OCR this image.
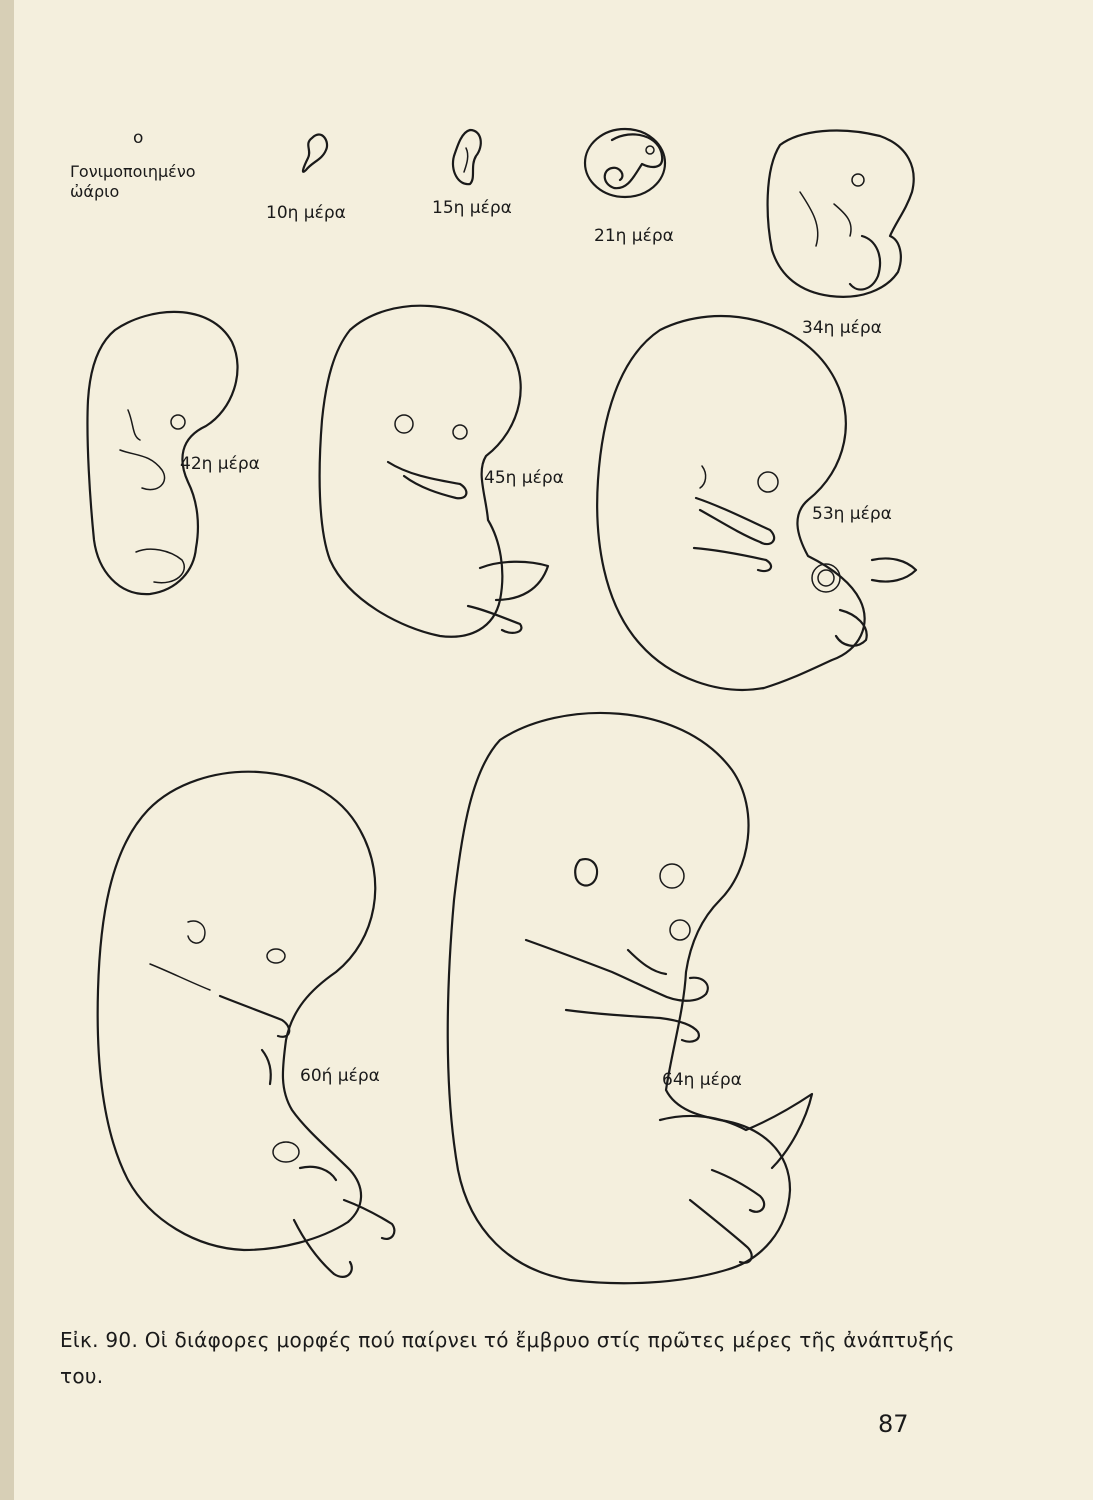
o
Γονιμοποιημένο ὠάριο
10η μέρα	15η μέρα
21η μέρα
34η μέρα
42η μέρα
45η μέρα
53η μέρα
60ή μέρα	64η μέρα
Εἰκ. 90. Οἱ διάφορες μορφές πού παίρνει τό ἔμβρυο στίς πρῶτες μέρες τῆς ἀνάπτυξής του.
87
